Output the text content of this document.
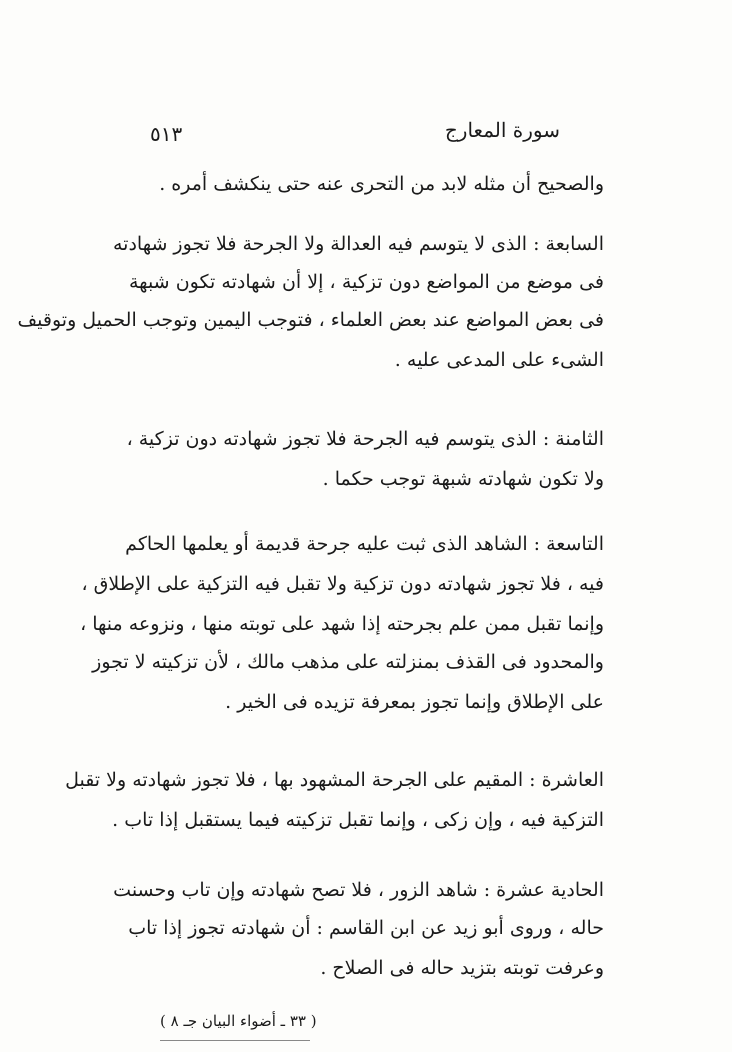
سورة المعارج
٥١٣
والصحيح أن مثله لابد من التحرى عنه حتى ينكشف أمره .
السابعة : الذى لا يتوسم فيه العدالة ولا الجرحة فلا تجوز شهادته
فى موضع من المواضع دون تزكية ، إلا أن شهادته تكون شبهة
فى بعض المواضع عند بعض العلماء ، فتوجب اليمين وتوجب الحميل وتوقيف
الشىء على المدعى عليه .
الثامنة : الذى يتوسم فيه الجرحة فلا تجوز شهادته دون تزكية ،
ولا تكون شهادته شبهة توجب حكما .
التاسعة : الشاهد الذى ثبت عليه جرحة قديمة أو يعلمها الحاكم
فيه ، فلا تجوز شهادته دون تزكية ولا تقبل فيه التزكية على الإطلاق ،
وإنما تقبل ممن علم بجرحته إذا شهد على توبته منها ، ونزوعه منها ،
والمحدود فى القذف بمنزلته على مذهب مالك ، لأن تزكيته لا تجوز
على الإطلاق وإنما تجوز بمعرفة تزيده فى الخير .
العاشرة : المقيم على الجرحة المشهود بها ، فلا تجوز شهادته ولا تقبل
التزكية فيه ، وإن زكى ، وإنما تقبل تزكيته فيما يستقبل إذا تاب .
الحادية عشرة : شاهد الزور ، فلا تصح شهادته وإن تاب وحسنت
حاله ، وروى أبو زيد عن ابن القاسم : أن شهادته تجوز إذا تاب
وعرفت توبته بتزيد حاله فى الصلاح .
( ٣٣ ـ أضواء البيان جـ ٨ )
